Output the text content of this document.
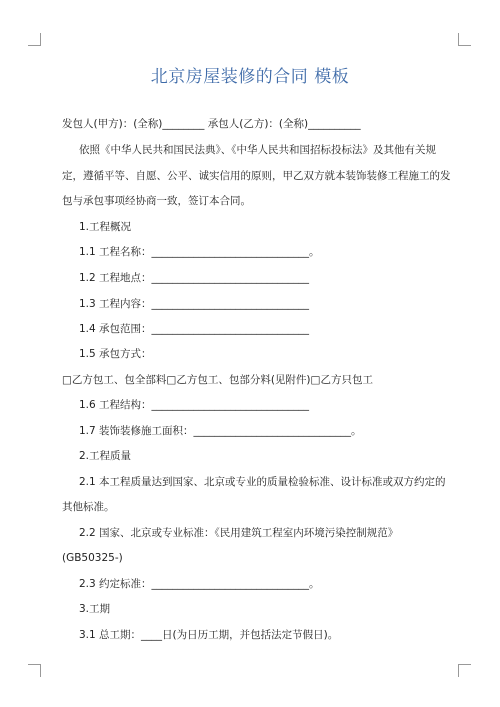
北京房屋装修的合同 模板
发包人(甲方)：(全称)________ 承包人(乙方)：(全称)__________
依照《中华人民共和国民法典》、《中华人民共和国招标投标法》及其他有关规
定，遵循平等、自愿、公平、诚实信用的原则，甲乙双方就本装饰装修工程施工的发
包与承包事项经协商一致，签订本合同。
1.工程概况
1.1 工程名称：______________________________。
1.2 工程地点：______________________________
1.3 工程内容：______________________________
1.4 承包范围：______________________________
1.5 承包方式：
□乙方包工、包全部料□乙方包工、包部分料(见附件)□乙方只包工
1.6 工程结构：______________________________
1.7 装饰装修施工面积：______________________________。
2.工程质量
2.1 本工程质量达到国家、北京或专业的质量检验标准、设计标准或双方约定的
其他标准。
2.2 国家、北京或专业标准：《民用建筑工程室内环境污染控制规范》
(GB50325-)
2.3 约定标准：______________________________。
3.工期
3.1 总工期：____日(为日历工期，并包括法定节假日)。
